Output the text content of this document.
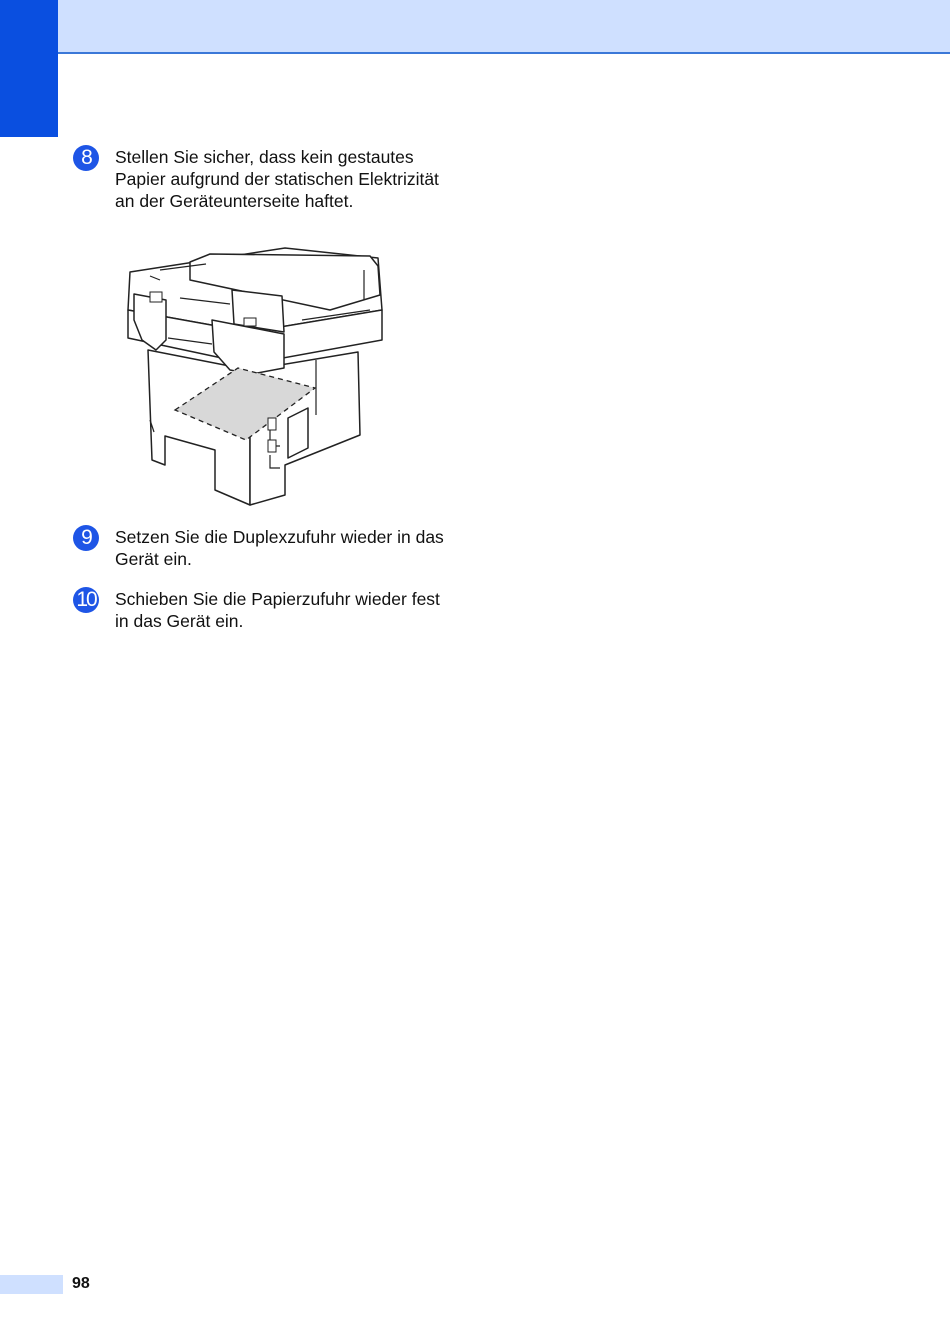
8	Stellen Sie sicher, dass kein gestautes Papier aufgrund der statischen Elektrizität an der Geräteunterseite haftet.
9	Setzen Sie die Duplexzufuhr wieder in das Gerät ein.
10 Schieben Sie die Papierzufuhr wieder fest in das Gerät ein.
98
